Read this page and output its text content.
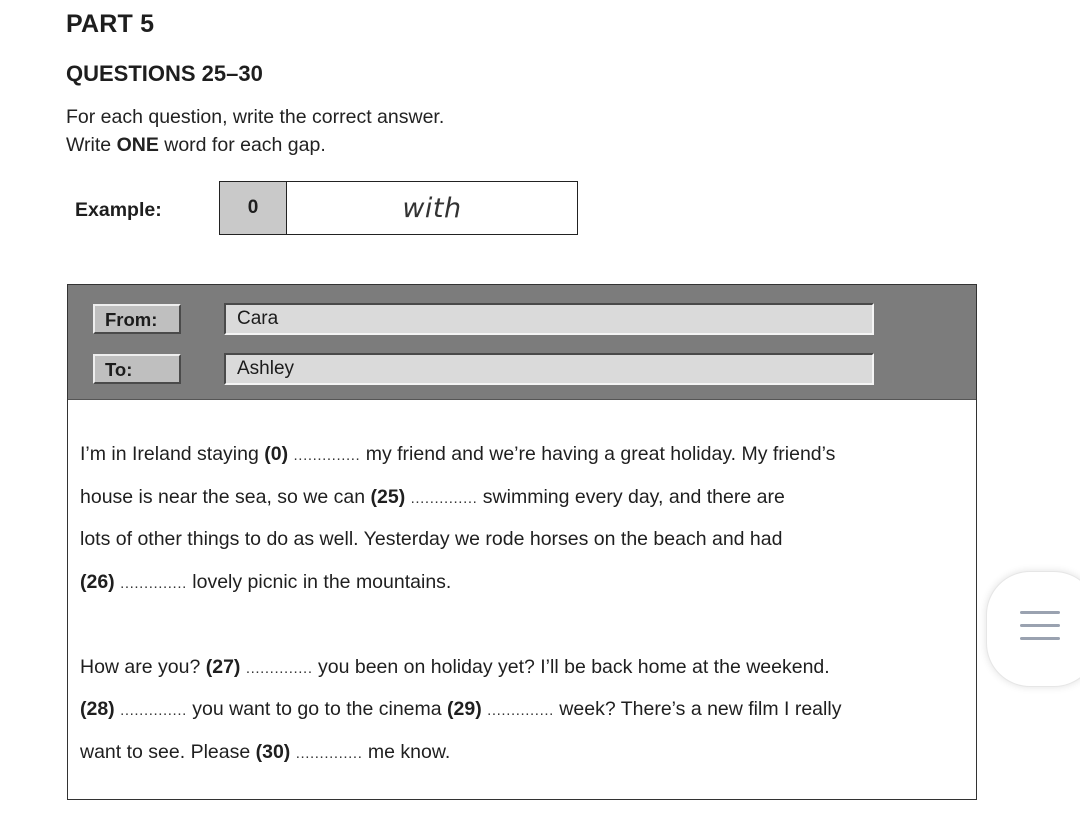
PART 5
QUESTIONS 25–30
For each question, write the correct answer.
Write ONE word for each gap.
Example:	0	with
From:	Cara
To:	Ashley
I’m in Ireland staying (0) .............. my friend and we’re having a great holiday. My friend’s
house is near the sea, so we can (25) .............. swimming every day, and there are
lots of other things to do as well. Yesterday we rode horses on the beach and had
(26) .............. lovely picnic in the mountains.
How are you? (27) .............. you been on holiday yet? I’ll be back home at the weekend.
(28) .............. you want to go to the cinema (29) .............. week? There’s a new film I really
want to see. Please (30) .............. me know.
